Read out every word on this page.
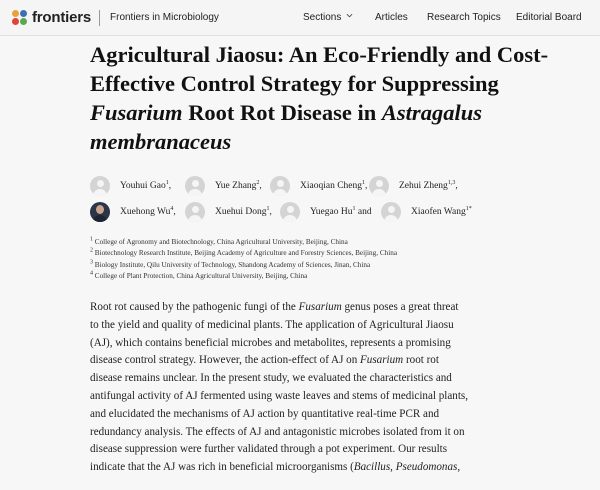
frontiers Frontiers in Microbiology	Sections	Articles Research Topics Editorial Board
Agricultural Jiaosu: An Eco-Friendly and Cost-
Effective Control Strategy for Suppressing
Fusarium Root Rot Disease in Astragalus
membranaceus
Youhui Gao$^1$,	Yue Zhang$^2$,	Xiaoqian Cheng$^1$,	Zehui Zheng$^{1,3}$,
Xuehong Wu$^4$,	Xuehui Dong$^1$,	Yuegao Hu$^1$ and	Xiaofen Wang$^{1*}$
$^1$ College of Agronomy and Biotechnology, China Agricultural University, Beijing, China
$^2$ Biotechnology Research Institute, Beijing Academy of Agriculture and Forestry Sciences, Beijing, China
$^3$ Biology Institute, Qilu University of Technology, Shandong Academy of Sciences, Jinan, China
$^4$ College of Plant Protection, China Agricultural University, Beijing, China
Root rot caused by the pathogenic fungi of the Fusarium genus poses a great threat
to the yield and quality of medicinal plants. The application of Agricultural Jiaosu
(AJ), which contains beneficial microbes and metabolites, represents a promising
disease control strategy. However, the action-effect of AJ on Fusarium root rot
disease remains unclear. In the present study, we evaluated the characteristics and
antifungal activity of AJ fermented using waste leaves and stems of medicinal plants,
and elucidated the mechanisms of AJ action by quantitative real-time PCR and
redundancy analysis. The effects of AJ and antagonistic microbes isolated from it on
disease suppression were further validated through a pot experiment. Our results
indicate that the AJ was rich in beneficial microorganisms (Bacillus, Pseudomonas,
